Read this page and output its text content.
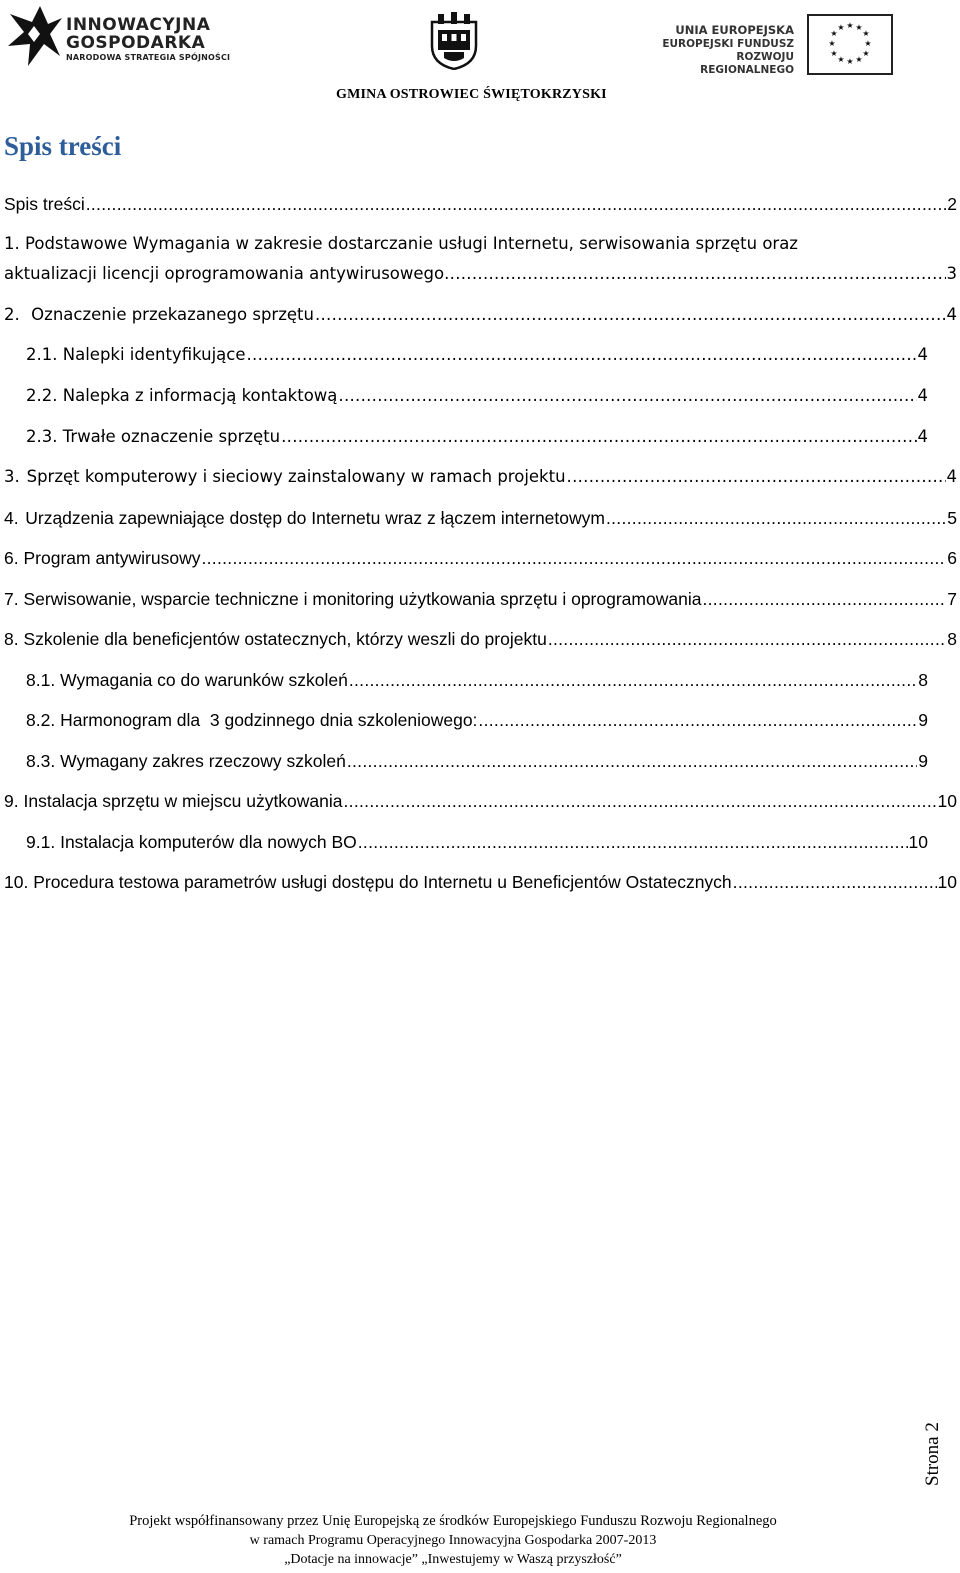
INNOWACYJNA
GOSPODARKA
NARODOWA STRATEGIA SPÓJNOŚCI
GMINA OSTROWIEC ŚWIĘTOKRZYSKI
UNIA EUROPEJSKA
EUROPEJSKI FUNDUSZ
ROZWOJU REGIONALNEGO
★ ★
★
★
★
★
★
★
★
★
★
★
Spis treści
Spis treści .....	2
1. Podstawowe Wymagania w zakresie dostarczanie usługi Internetu, serwisowania sprzętu oraz
aktualizacji licencji oprogramowania antywirusowego .....	3
2. Oznaczenie przekazanego sprzętu .....	4
2.1.
Nalepki identyfikujące .....	4
2.2.
Nalepka z informacją kontaktową .....	4
2.3.
Trwałe oznaczenie sprzętu .....	4
3. Sprzęt komputerowy i sieciowy zainstalowany w ramach projektu .....	4
4. Urządzenia zapewniające dostęp do Internetu wraz z łączem internetowym .....	5
6.
Program antywirusowy .....	6
7.
Serwisowanie, wsparcie techniczne i monitoring użytkowania sprzętu i oprogramowania .....	7
8.
Szkolenie dla beneficjentów ostatecznych, którzy weszli do projektu .....	8
8.1.
Wymagania co do warunków szkoleń .....	8
8.2.
Harmonogram dla  3 godzinnego dnia szkoleniowego: .....	9
8.3.
Wymagany zakres rzeczowy szkoleń .....	9
9.
Instalacja sprzętu w miejscu użytkowania .....	10
9.1.
Instalacja komputerów dla nowych BO .....	10
10.
Procedura testowa parametrów usługi dostępu do Internetu u Beneficjentów Ostatecznych .....	10
Strona 2
Projekt współfinansowany przez Unię Europejską ze środków Europejskiego Funduszu Rozwoju Regionalnego
w ramach Programu Operacyjnego Innowacyjna Gospodarka 2007-2013
„Dotacje na innowacje” „Inwestujemy w Waszą przyszłość”
